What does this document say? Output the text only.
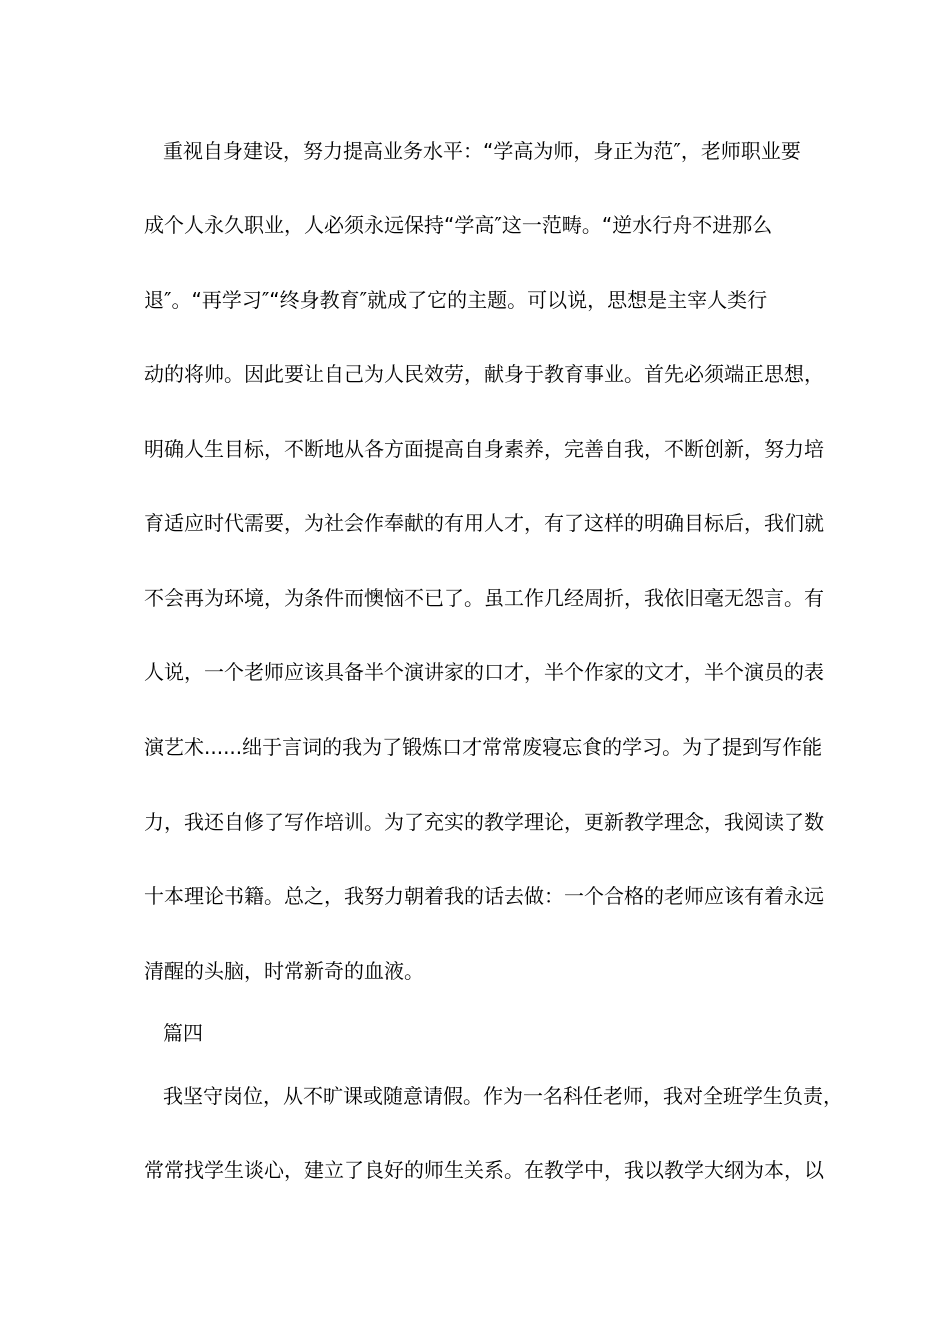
重视自身建设，努力提高业务水平：“学高为师，身正为范″，老师职业要
成个人永久职业，人必须永远保持“学高″这一范畴。“逆水行舟不进那么
退″。“再学习″“终身教育″就成了它的主题。可以说，思想是主宰人类行
动的将帅。因此要让自己为人民效劳，献身于教育事业。首先必须端正思想，
明确人生目标，不断地从各方面提高自身素养，完善自我，不断创新，努力培
育适应时代需要，为社会作奉献的有用人才，有了这样的明确目标后，我们就
不会再为环境，为条件而懊恼不已了。虽工作几经周折，我依旧毫无怨言。有
人说，一个老师应该具备半个演讲家的口才，半个作家的文才，半个演员的表
演艺术......绌于言词的我为了锻炼口才常常废寝忘食的学习。为了提到写作能
力，我还自修了写作培训。为了充实的教学理论，更新教学理念，我阅读了数
十本理论书籍。总之，我努力朝着我的话去做：一个合格的老师应该有着永远
清醒的头脑，时常新奇的血液。
篇四
我坚守岗位，从不旷课或随意请假。作为一名科任老师，我对全班学生负责，
常常找学生谈心，建立了良好的师生关系。在教学中，我以教学大纲为本，以
